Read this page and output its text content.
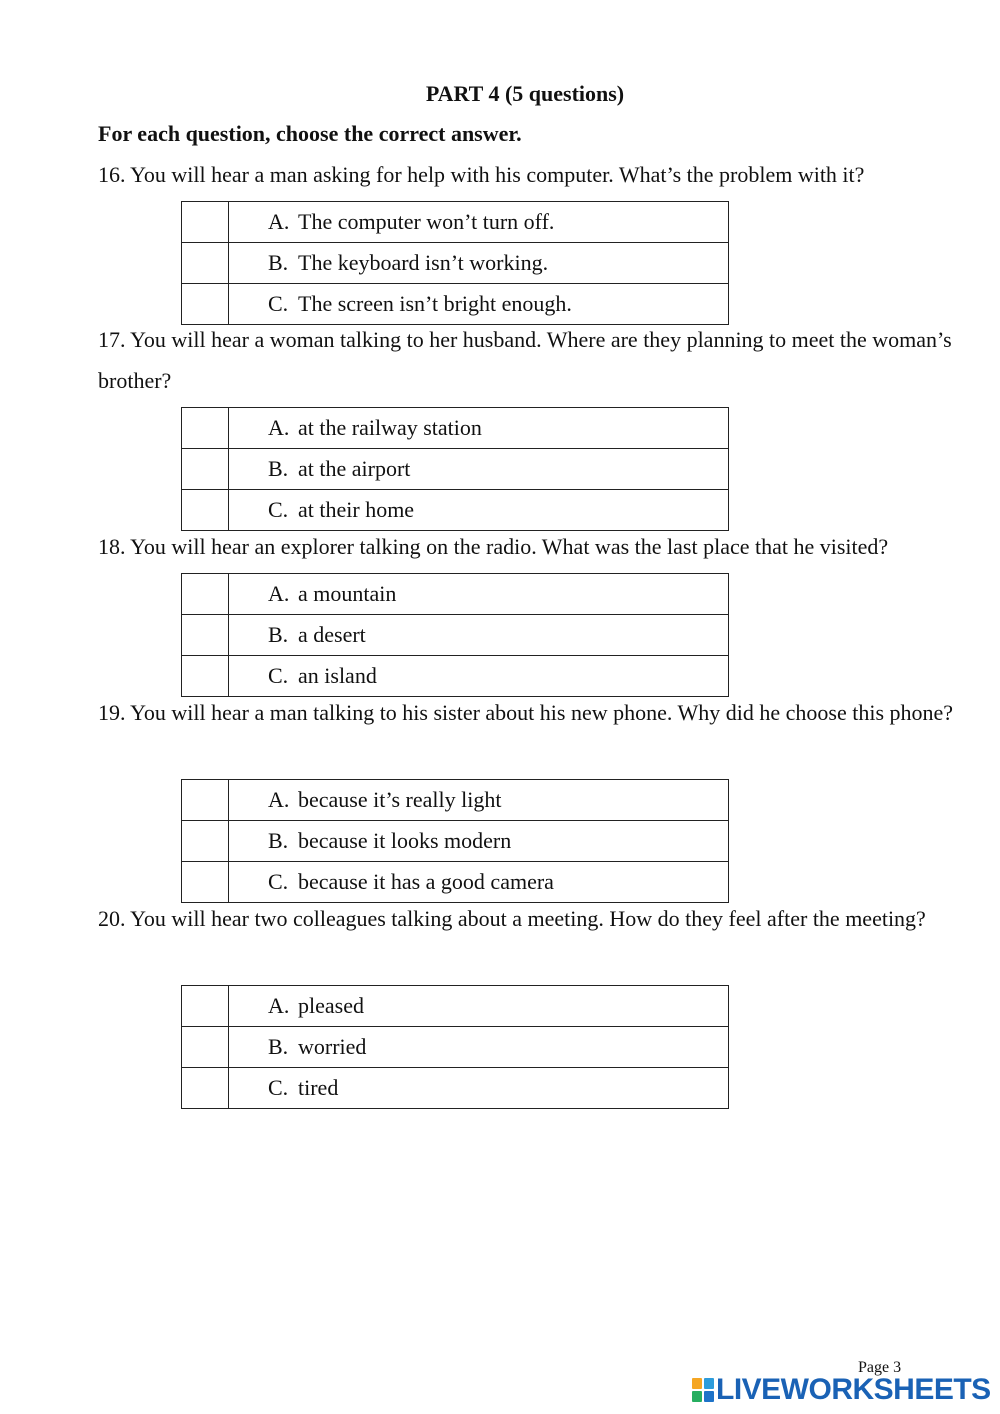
PART 4 (5 questions)
For each question, choose the correct answer.
16. You will hear a man asking for help with his computer. What’s the problem with it?
	A. The computer won’t turn off.
	B. The keyboard isn’t working.
	C. The screen isn’t bright enough.
17. You will hear a woman talking to her husband. Where are they planning to meet the woman’s brother?
	A. at the railway station
	B. at the airport
	C. at their home
18. You will hear an explorer talking on the radio. What was the last place that he visited?
	A. a mountain
	B. a desert
	C. an island
19. You will hear a man talking to his sister about his new phone. Why did he choose this phone?
	A. because it’s really light
	B. because it looks modern
	C. because it has a good camera
20. You will hear two colleagues talking about a meeting. How do they feel after the meeting?
	A. pleased
	B. worried
	C. tired
Page 3
LIVEWORKSHEETS
